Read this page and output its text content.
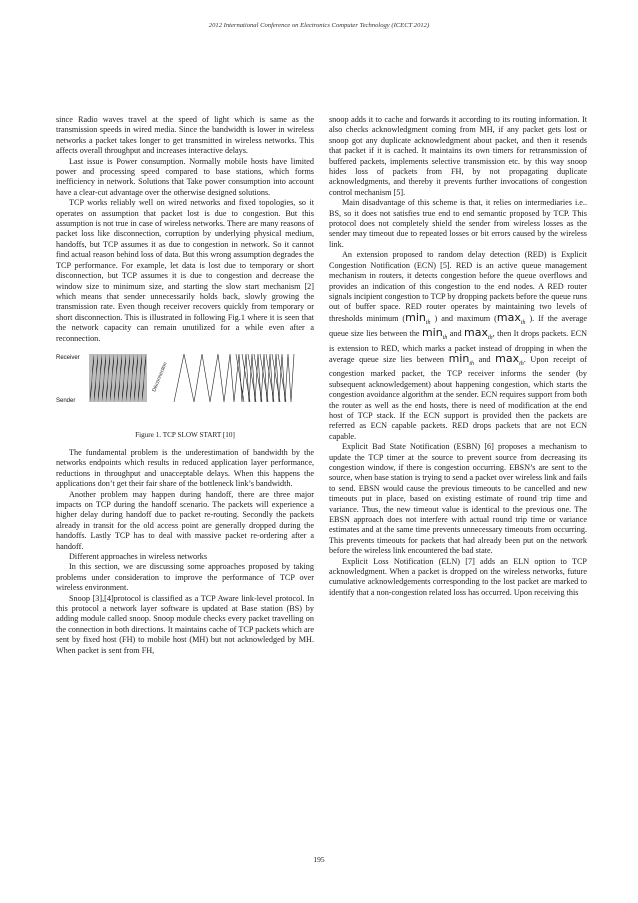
2012 International Conference on Electronics Computer Technology (ICECT 2012)

since Radio waves travel at the speed of light which is same as the transmission speeds in wired media. Since the bandwidth is lower in wireless networks a packet takes longer to get transmitted in wireless networks. This affects overall throughput and increases interactive delays.

Last issue is Power consumption. Normally mobile hosts have limited power and processing speed compared to base stations, which forms inefficiency in network. Solutions that Take power consumption into account have a clear-cut advantage over the otherwise designed solutions.

TCP works reliably well on wired networks and fixed topologies, so it operates on assumption that packet lost is due to congestion. But this assumption is not true in case of wireless networks. There are many reasons of packet loss like disconnection, corruption by underlying physical medium, handoffs, but TCP assumes it as due to congestion in network. So it cannot find actual reason behind loss of data. But this wrong assumption degrades the TCP performance. For example, let data is lost due to temporary or short disconnection, but TCP assumes it is due to congestion and decrease the window size to minimum size, and starting the slow start mechanism [2] which means that sender unnecessarily holds back, slowly growing the transmission rate. Even though receiver recovers quickly from temporary or short disconnection. This is illustrated in following Fig.1 where it is seen that the network capacity can remain unutilized for a while even after a reconnection.

Receiver
Sender
Disconnection
Figure 1. TCP SLOW START [10]

The fundamental problem is the underestimation of bandwidth by the networks endpoints which results in reduced application layer performance, reductions in throughput and unacceptable delays. When this happens the applications don’t get their fair share of the bottleneck link’s bandwidth.

Another problem may happen during handoff, there are three major impacts on TCP during the handoff scenario. The packets will experience a higher delay during handoff due to packet re-routing. Secondly the packets already in transit for the old access point are generally dropped during the handoffs. Lastly TCP has to deal with massive packet re-ordering after a handoff.

Different approaches in wireless networks

In this section, we are discussing some approaches proposed by taking problems under consideration to improve the performance of TCP over wireless environment.

Snoop [3],[4]protocol is classified as a TCP Aware link-level protocol. In this protocol a network layer software is updated at Base station (BS) by adding module called snoop. Snoop module checks every packet travelling on the connection in both directions. It maintains cache of TCP packets which are sent by fixed host (FH) to mobile host (MH) but not acknowledged by MH. When packet is sent from FH,

snoop adds it to cache and forwards it according to its routing information. It also checks acknowledgment coming from MH, if any packet gets lost or snoop got any duplicate acknowledgment about packet, and then it resends that packet if it is cached. It maintains its own timers for retransmission of buffered packets, implements selective transmission etc. by this way snoop hides loss of packets from FH, by not propagating duplicate acknowledgments, and thereby it prevents further invocations of congestion control mechanism [5].

Main disadvantage of this scheme is that, it relies on intermediaries i.e.. BS, so it does not satisfies true end to end semantic proposed by TCP. This protocol does not completely shield the sender from wireless losses as the sender may timeout due to repeated losses or bit errors caused by the wireless link.

An extension proposed to random delay detection (RED) is Explicit Congestion Notification (ECN) [5]. RED is an active queue management mechanism in routers, it detects congestion before the queue overflows and provides an indication of this congestion to the end nodes. A RED router signals incipient congestion to TCP by dropping packets before the queue runs out of buffer space. RED router operates by maintaining two levels of thresholds minimum ($\min_{th}$ ) and maximum ($\max_{th}$ ). If the average queue size lies between the $\min_{th}$ and $\max_{th}$, then It drops packets. ECN is extension to RED, which marks a packet instead of dropping in when the average queue size lies between $\min_{th}$ and $\max_{th}$. Upon receipt of congestion marked packet, the TCP receiver informs the sender (by subsequent acknowledgement) about happening congestion, which starts the congestion avoidance algorithm at the sender. ECN requires support from both the router as well as the end hosts, there is need of modification at the end host of TCP stack. If the ECN support is provided then the packets are referred as ECN capable packets. RED drops packets that are not ECN capable.

Explicit Bad State Notification (ESBN) [6] proposes a mechanism to update the TCP timer at the source to prevent source from decreasing its congestion window, if there is congestion occurring. EBSN’s are sent to the source, when base station is trying to send a packet over wireless link and fails to send. EBSN would cause the previous timeouts to be cancelled and new timeouts put in place, based on existing estimate of round trip time and variance. Thus, the new timeout value is identical to the previous one. The EBSN approach does not interfere with actual round trip time or variance estimates and at the same time prevents unnecessary timeouts from occurring. This prevents timeouts for packets that had already been put on the network before the wireless link encountered the bad state.

Explicit Loss Notification (ELN) [7] adds an ELN option to TCP acknowledgment. When a packet is dropped on the wireless networks, future cumulative acknowledgements corresponding to the lost packet are marked to identify that a non-congestion related loss has occurred. Upon receiving this

195
